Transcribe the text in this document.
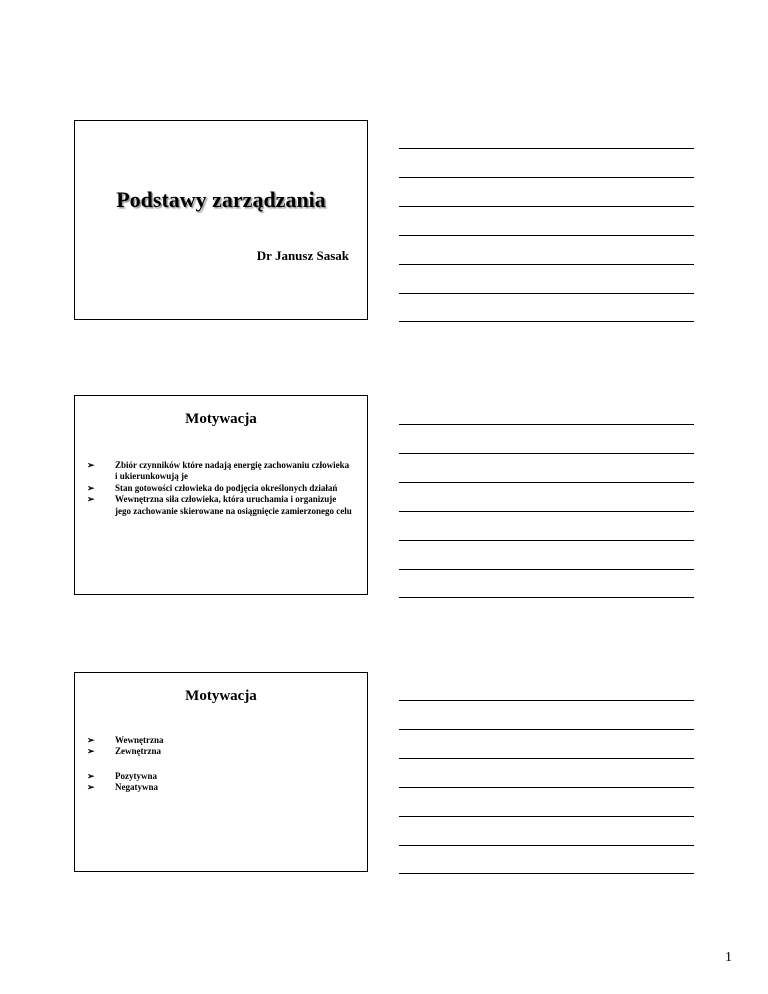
Podstawy zarządzania
Dr Janusz Sasak
Motywacja
➢ Zbiór czynników które nadają energię zachowaniu człowieka i ukierunkowują je
➢ Stan gotowości człowieka do podjęcia określonych działań
➢ Wewnętrzna siła człowieka, która uruchamia i organizuje jego zachowanie skierowane na osiągnięcie zamierzonego celu
Motywacja
➢ Wewnętrzna
➢ Zewnętrzna
➢ Pozytywna
➢ Negatywna
1
